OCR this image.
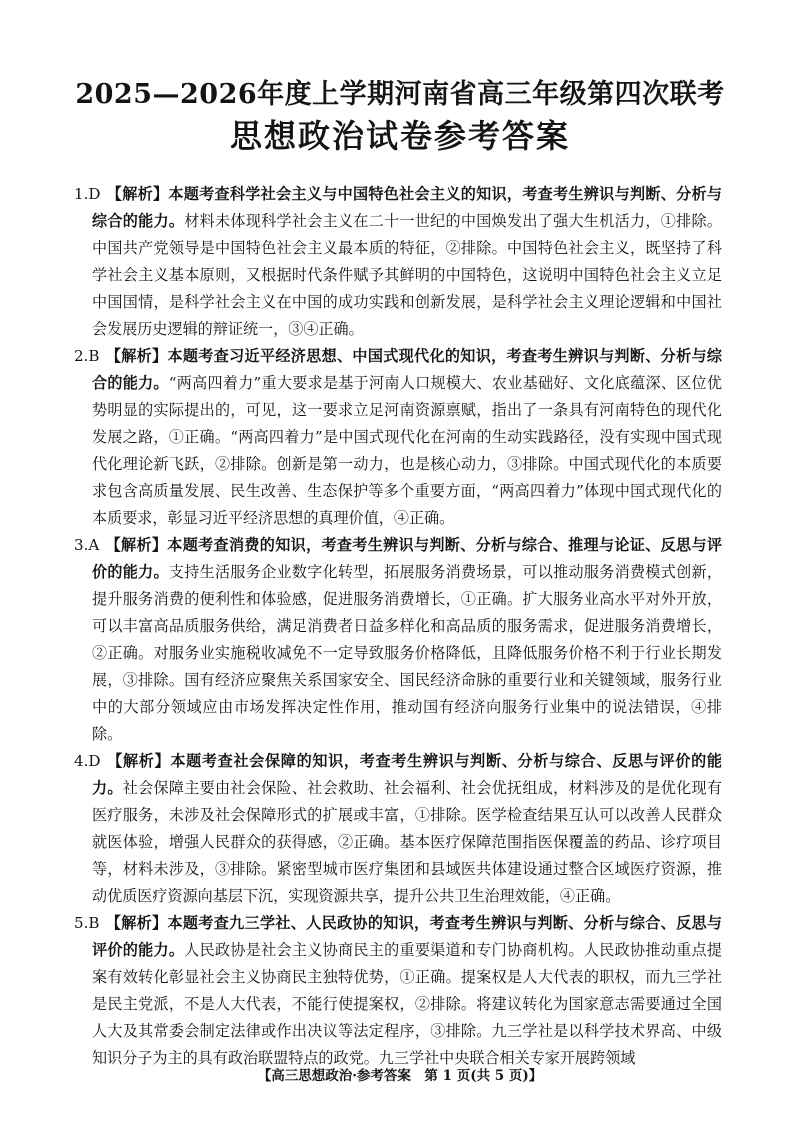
2025—2026年度上学期河南省高三年级第四次联考
思想政治试卷参考答案

1.D 【解析】本题考查科学社会主义与中国特色社会主义的知识，考查考生辨识与判断、分析与综合的能力。材料未体现科学社会主义在二十一世纪的中国焕发出了强大生机活力，①排除。中国共产党领导是中国特色社会主义最本质的特征，②排除。中国特色社会主义，既坚持了科学社会主义基本原则，又根据时代条件赋予其鲜明的中国特色，这说明中国特色社会主义立足中国国情，是科学社会主义在中国的成功实践和创新发展，是科学社会主义理论逻辑和中国社会发展历史逻辑的辩证统一，③④正确。

2.B 【解析】本题考查习近平经济思想、中国式现代化的知识，考查考生辨识与判断、分析与综合的能力。“两高四着力”重大要求是基于河南人口规模大、农业基础好、文化底蕴深、区位优势明显的实际提出的，可见，这一要求立足河南资源禀赋，指出了一条具有河南特色的现代化发展之路，①正确。“两高四着力”是中国式现代化在河南的生动实践路径，没有实现中国式现代化理论新飞跃，②排除。创新是第一动力，也是核心动力，③排除。中国式现代化的本质要求包含高质量发展、民生改善、生态保护等多个重要方面，“两高四着力”体现中国式现代化的本质要求，彰显习近平经济思想的真理价值，④正确。

3.A 【解析】本题考查消费的知识，考查考生辨识与判断、分析与综合、推理与论证、反思与评价的能力。支持生活服务企业数字化转型，拓展服务消费场景，可以推动服务消费模式创新，提升服务消费的便利性和体验感，促进服务消费增长，①正确。扩大服务业高水平对外开放，可以丰富高品质服务供给，满足消费者日益多样化和高品质的服务需求，促进服务消费增长，②正确。对服务业实施税收减免不一定导致服务价格降低，且降低服务价格不利于行业长期发展，③排除。国有经济应聚焦关系国家安全、国民经济命脉的重要行业和关键领域，服务行业中的大部分领域应由市场发挥决定性作用，推动国有经济向服务行业集中的说法错误，④排除。

4.D 【解析】本题考查社会保障的知识，考查考生辨识与判断、分析与综合、反思与评价的能力。社会保障主要由社会保险、社会救助、社会福利、社会优抚组成，材料涉及的是优化现有医疗服务，未涉及社会保障形式的扩展或丰富，①排除。医学检查结果互认可以改善人民群众就医体验，增强人民群众的获得感，②正确。基本医疗保障范围指医保覆盖的药品、诊疗项目等，材料未涉及，③排除。紧密型城市医疗集团和县域医共体建设通过整合区域医疗资源，推动优质医疗资源向基层下沉，实现资源共享，提升公共卫生治理效能，④正确。

5.B 【解析】本题考查九三学社、人民政协的知识，考查考生辨识与判断、分析与综合、反思与评价的能力。人民政协是社会主义协商民主的重要渠道和专门协商机构。人民政协推动重点提案有效转化彰显社会主义协商民主独特优势，①正确。提案权是人大代表的职权，而九三学社是民主党派，不是人大代表，不能行使提案权，②排除。将建议转化为国家意志需要通过全国人大及其常委会制定法律或作出决议等法定程序，③排除。九三学社是以科学技术界高、中级知识分子为主的具有政治联盟特点的政党。九三学社中央联合相关专家开展跨领域

【高三思想政治·参考答案　第 1 页(共 5 页)】
